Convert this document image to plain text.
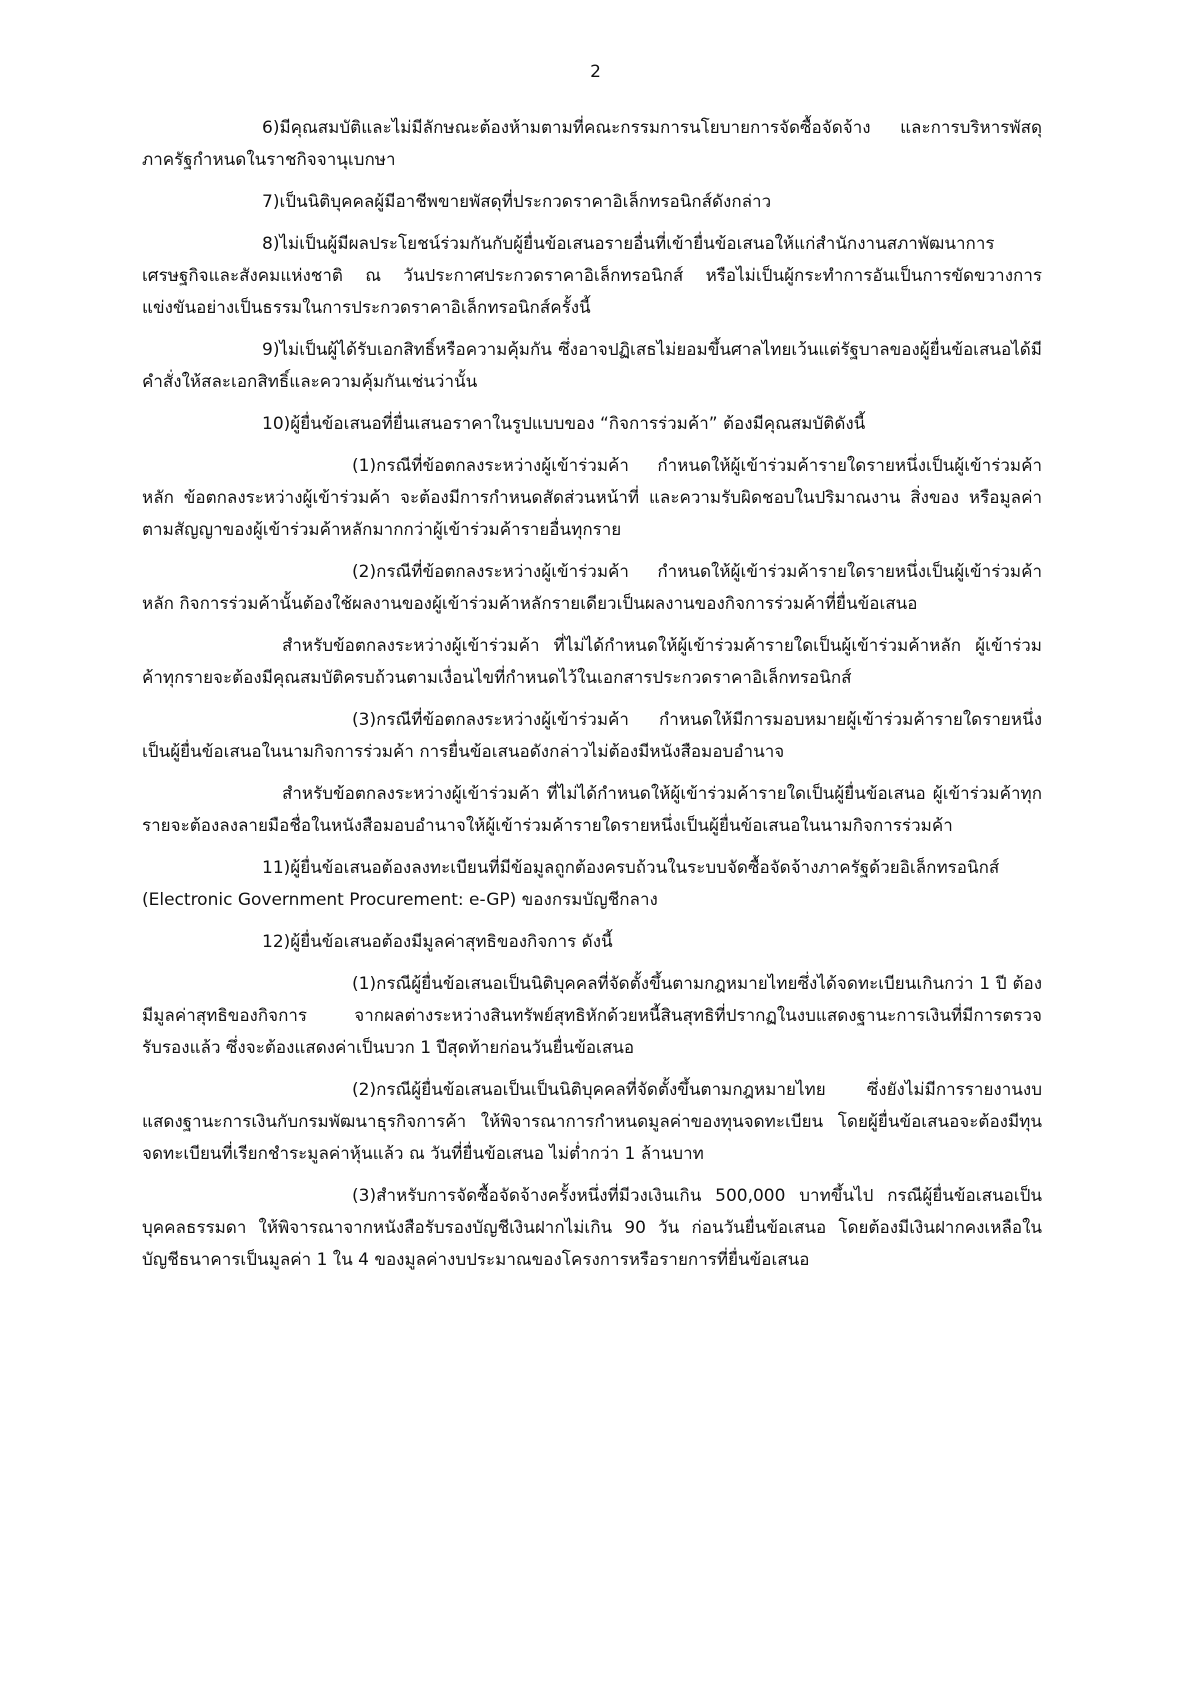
2

6)มีคุณสมบัติและไม่มีลักษณะต้องห้ามตามที่คณะกรรมการนโยบายการจัดซื้อจัดจ้าง และการบริหารพัสดุภาครัฐกำหนดในราชกิจจานุเบกษา

7)เป็นนิติบุคคลผู้มีอาชีพขายพัสดุที่ประกวดราคาอิเล็กทรอนิกส์ดังกล่าว

8)ไม่เป็นผู้มีผลประโยชน์ร่วมกันกับผู้ยื่นข้อเสนอรายอื่นที่เข้ายื่นข้อเสนอให้แก่สำนักงานสภาพัฒนาการเศรษฐกิจและสังคมแห่งชาติ ณ วันประกาศประกวดราคาอิเล็กทรอนิกส์ หรือไม่เป็นผู้กระทำการอันเป็นการขัดขวางการแข่งขันอย่างเป็นธรรมในการประกวดราคาอิเล็กทรอนิกส์ครั้งนี้

9)ไม่เป็นผู้ได้รับเอกสิทธิ์หรือความคุ้มกัน ซึ่งอาจปฏิเสธไม่ยอมขึ้นศาลไทยเว้นแต่รัฐบาลของผู้ยื่นข้อเสนอได้มีคำสั่งให้สละเอกสิทธิ์และความคุ้มกันเช่นว่านั้น

10)ผู้ยื่นข้อเสนอที่ยื่นเสนอราคาในรูปแบบของ “กิจการร่วมค้า” ต้องมีคุณสมบัติดังนี้

(1)กรณีที่ข้อตกลงระหว่างผู้เข้าร่วมค้า กำหนดให้ผู้เข้าร่วมค้ารายใดรายหนึ่งเป็นผู้เข้าร่วมค้าหลัก ข้อตกลงระหว่างผู้เข้าร่วมค้า จะต้องมีการกำหนดสัดส่วนหน้าที่ และความรับผิดชอบในปริมาณงาน สิ่งของ หรือมูลค่าตามสัญญาของผู้เข้าร่วมค้าหลักมากกว่าผู้เข้าร่วมค้ารายอื่นทุกราย

(2)กรณีที่ข้อตกลงระหว่างผู้เข้าร่วมค้า กำหนดให้ผู้เข้าร่วมค้ารายใดรายหนึ่งเป็นผู้เข้าร่วมค้าหลัก กิจการร่วมค้านั้นต้องใช้ผลงานของผู้เข้าร่วมค้าหลักรายเดียวเป็นผลงานของกิจการร่วมค้าที่ยื่นข้อเสนอ

สำหรับข้อตกลงระหว่างผู้เข้าร่วมค้า ที่ไม่ได้กำหนดให้ผู้เข้าร่วมค้ารายใดเป็นผู้เข้าร่วมค้าหลัก ผู้เข้าร่วมค้าทุกรายจะต้องมีคุณสมบัติครบถ้วนตามเงื่อนไขที่กำหนดไว้ในเอกสารประกวดราคาอิเล็กทรอนิกส์

(3)กรณีที่ข้อตกลงระหว่างผู้เข้าร่วมค้า กำหนดให้มีการมอบหมายผู้เข้าร่วมค้ารายใดรายหนึ่งเป็นผู้ยื่นข้อเสนอในนามกิจการร่วมค้า การยื่นข้อเสนอดังกล่าวไม่ต้องมีหนังสือมอบอำนาจ

สำหรับข้อตกลงระหว่างผู้เข้าร่วมค้า ที่ไม่ได้กำหนดให้ผู้เข้าร่วมค้ารายใดเป็นผู้ยื่นข้อเสนอ ผู้เข้าร่วมค้าทุกรายจะต้องลงลายมือชื่อในหนังสือมอบอำนาจให้ผู้เข้าร่วมค้ารายใดรายหนึ่งเป็นผู้ยื่นข้อเสนอในนามกิจการร่วมค้า

11)ผู้ยื่นข้อเสนอต้องลงทะเบียนที่มีข้อมูลถูกต้องครบถ้วนในระบบจัดซื้อจัดจ้างภาครัฐด้วยอิเล็กทรอนิกส์ (Electronic Government Procurement: e-GP) ของกรมบัญชีกลาง

12)ผู้ยื่นข้อเสนอต้องมีมูลค่าสุทธิของกิจการ ดังนี้

(1)กรณีผู้ยื่นข้อเสนอเป็นนิติบุคคลที่จัดตั้งขึ้นตามกฎหมายไทยซึ่งได้จดทะเบียนเกินกว่า 1 ปี ต้องมีมูลค่าสุทธิของกิจการ จากผลต่างระหว่างสินทรัพย์สุทธิหักด้วยหนี้สินสุทธิที่ปรากฏในงบแสดงฐานะการเงินที่มีการตรวจรับรองแล้ว ซึ่งจะต้องแสดงค่าเป็นบวก 1 ปีสุดท้ายก่อนวันยื่นข้อเสนอ

(2)กรณีผู้ยื่นข้อเสนอเป็นเป็นนิติบุคคลที่จัดตั้งขึ้นตามกฎหมายไทย ซึ่งยังไม่มีการรายงานงบแสดงฐานะการเงินกับกรมพัฒนาธุรกิจการค้า ให้พิจารณาการกำหนดมูลค่าของทุนจดทะเบียน โดยผู้ยื่นข้อเสนอจะต้องมีทุนจดทะเบียนที่เรียกชำระมูลค่าหุ้นแล้ว ณ วันที่ยื่นข้อเสนอ ไม่ต่ำกว่า 1 ล้านบาท

(3)สำหรับการจัดซื้อจัดจ้างครั้งหนึ่งที่มีวงเงินเกิน 500,000 บาทขึ้นไป กรณีผู้ยื่นข้อเสนอเป็นบุคคลธรรมดา ให้พิจารณาจากหนังสือรับรองบัญชีเงินฝากไม่เกิน 90 วัน ก่อนวันยื่นข้อเสนอ โดยต้องมีเงินฝากคงเหลือในบัญชีธนาคารเป็นมูลค่า 1 ใน 4 ของมูลค่างบประมาณของโครงการหรือรายการที่ยื่นข้อเสนอ
